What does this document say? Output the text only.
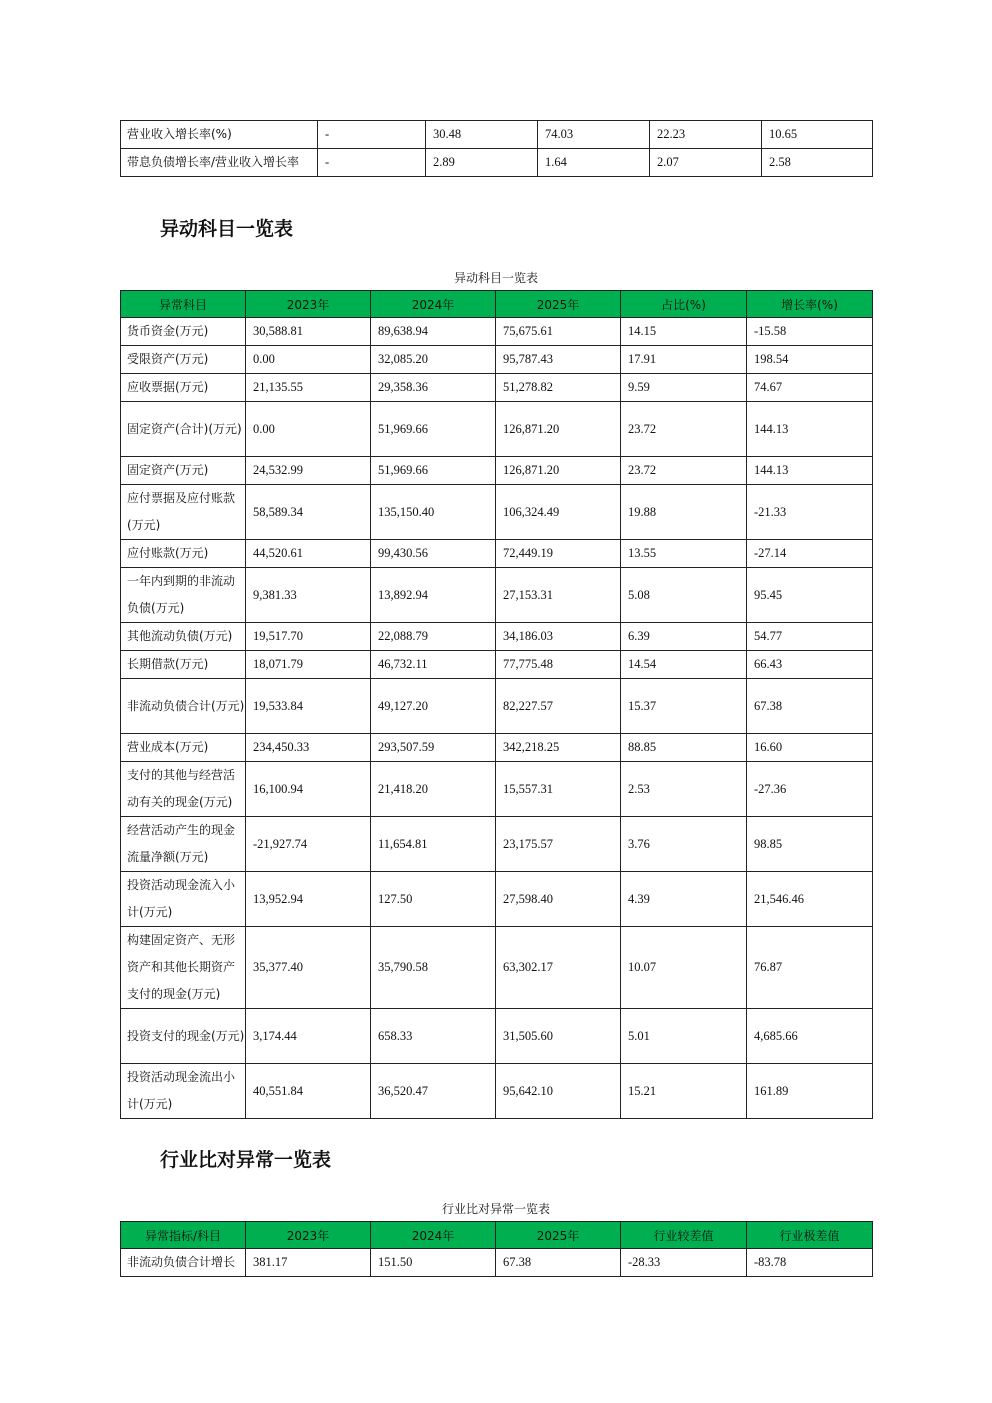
营业收入增长率(%)	-	30.48	74.03	22.23	10.65
带息负债增长率/营业收入增长率	-	2.89	1.64	2.07	2.58
异动科目一览表
异动科目一览表
异常科目	2023年	2024年	2025年	占比(%)	增长率(%)
货币资金(万元)	30,588.81	89,638.94	75,675.61	14.15	-15.58
受限资产(万元)	0.00	32,085.20	95,787.43	17.91	198.54
应收票据(万元)	21,135.55	29,358.36	51,278.82	9.59	74.67
固定资产(合计)(万元)	0.00	51,969.66	126,871.20	23.72	144.13
固定资产(万元)	24,532.99	51,969.66	126,871.20	23.72	144.13
应付票据及应付账款(万元)	58,589.34	135,150.40	106,324.49	19.88	-21.33
应付账款(万元)	44,520.61	99,430.56	72,449.19	13.55	-27.14
一年内到期的非流动负债(万元)	9,381.33	13,892.94	27,153.31	5.08	95.45
其他流动负债(万元)	19,517.70	22,088.79	34,186.03	6.39	54.77
长期借款(万元)	18,071.79	46,732.11	77,775.48	14.54	66.43
非流动负债合计(万元)	19,533.84	49,127.20	82,227.57	15.37	67.38
营业成本(万元)	234,450.33	293,507.59	342,218.25	88.85	16.60
支付的其他与经营活动有关的现金(万元)	16,100.94	21,418.20	15,557.31	2.53	-27.36
经营活动产生的现金流量净额(万元)	-21,927.74	11,654.81	23,175.57	3.76	98.85
投资活动现金流入小计(万元)	13,952.94	127.50	27,598.40	4.39	21,546.46
构建固定资产、无形资产和其他长期资产支付的现金(万元)	35,377.40	35,790.58	63,302.17	10.07	76.87
投资支付的现金(万元)	3,174.44	658.33	31,505.60	5.01	4,685.66
投资活动现金流出小计(万元)	40,551.84	36,520.47	95,642.10	15.21	161.89
行业比对异常一览表
行业比对异常一览表
异常指标/科目	2023年	2024年	2025年	行业较差值	行业极差值
非流动负债合计增长	381.17	151.50	67.38	-28.33	-83.78
